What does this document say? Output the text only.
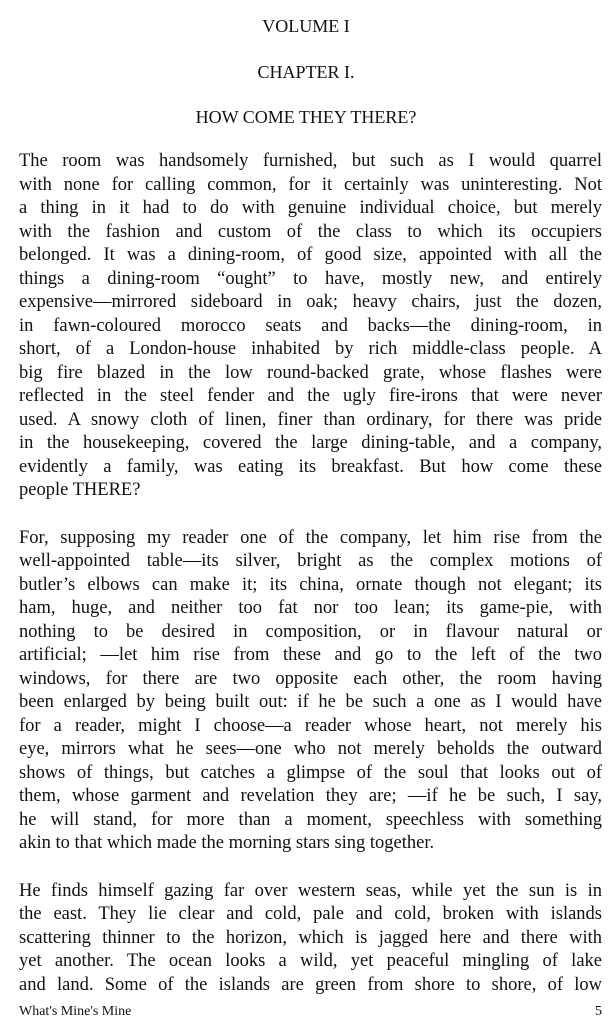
VOLUME I
CHAPTER I.
HOW COME THEY THERE?
The room was handsomely furnished, but such as I would quarrel
with none for calling common, for it certainly was uninteresting. Not
a thing in it had to do with genuine individual choice, but merely
with the fashion and custom of the class to which its occupiers
belonged. It was a dining-room, of good size, appointed with all the
things a dining-room “ought” to have, mostly new, and entirely
expensive—mirrored sideboard in oak; heavy chairs, just the dozen,
in fawn-coloured morocco seats and backs—the dining-room, in
short, of a London-house inhabited by rich middle-class people. A
big fire blazed in the low round-backed grate, whose flashes were
reflected in the steel fender and the ugly fire-irons that were never
used. A snowy cloth of linen, finer than ordinary, for there was pride
in the housekeeping, covered the large dining-table, and a company,
evidently a family, was eating its breakfast. But how come these
people THERE?
For, supposing my reader one of the company, let him rise from the
well-appointed table—its silver, bright as the complex motions of
butler’s elbows can make it; its china, ornate though not elegant; its
ham, huge, and neither too fat nor too lean; its game-pie, with
nothing to be desired in composition, or in flavour natural or
artificial; —let him rise from these and go to the left of the two
windows, for there are two opposite each other, the room having
been enlarged by being built out: if he be such a one as I would have
for a reader, might I choose—a reader whose heart, not merely his
eye, mirrors what he sees—one who not merely beholds the outward
shows of things, but catches a glimpse of the soul that looks out of
them, whose garment and revelation they are; —if he be such, I say,
he will stand, for more than a moment, speechless with something
akin to that which made the morning stars sing together.
He finds himself gazing far over western seas, while yet the sun is in
the east. They lie clear and cold, pale and cold, broken with islands
scattering thinner to the horizon, which is jagged here and there with
yet another. The ocean looks a wild, yet peaceful mingling of lake
and land. Some of the islands are green from shore to shore, of low
What's Mine's Mine	5
